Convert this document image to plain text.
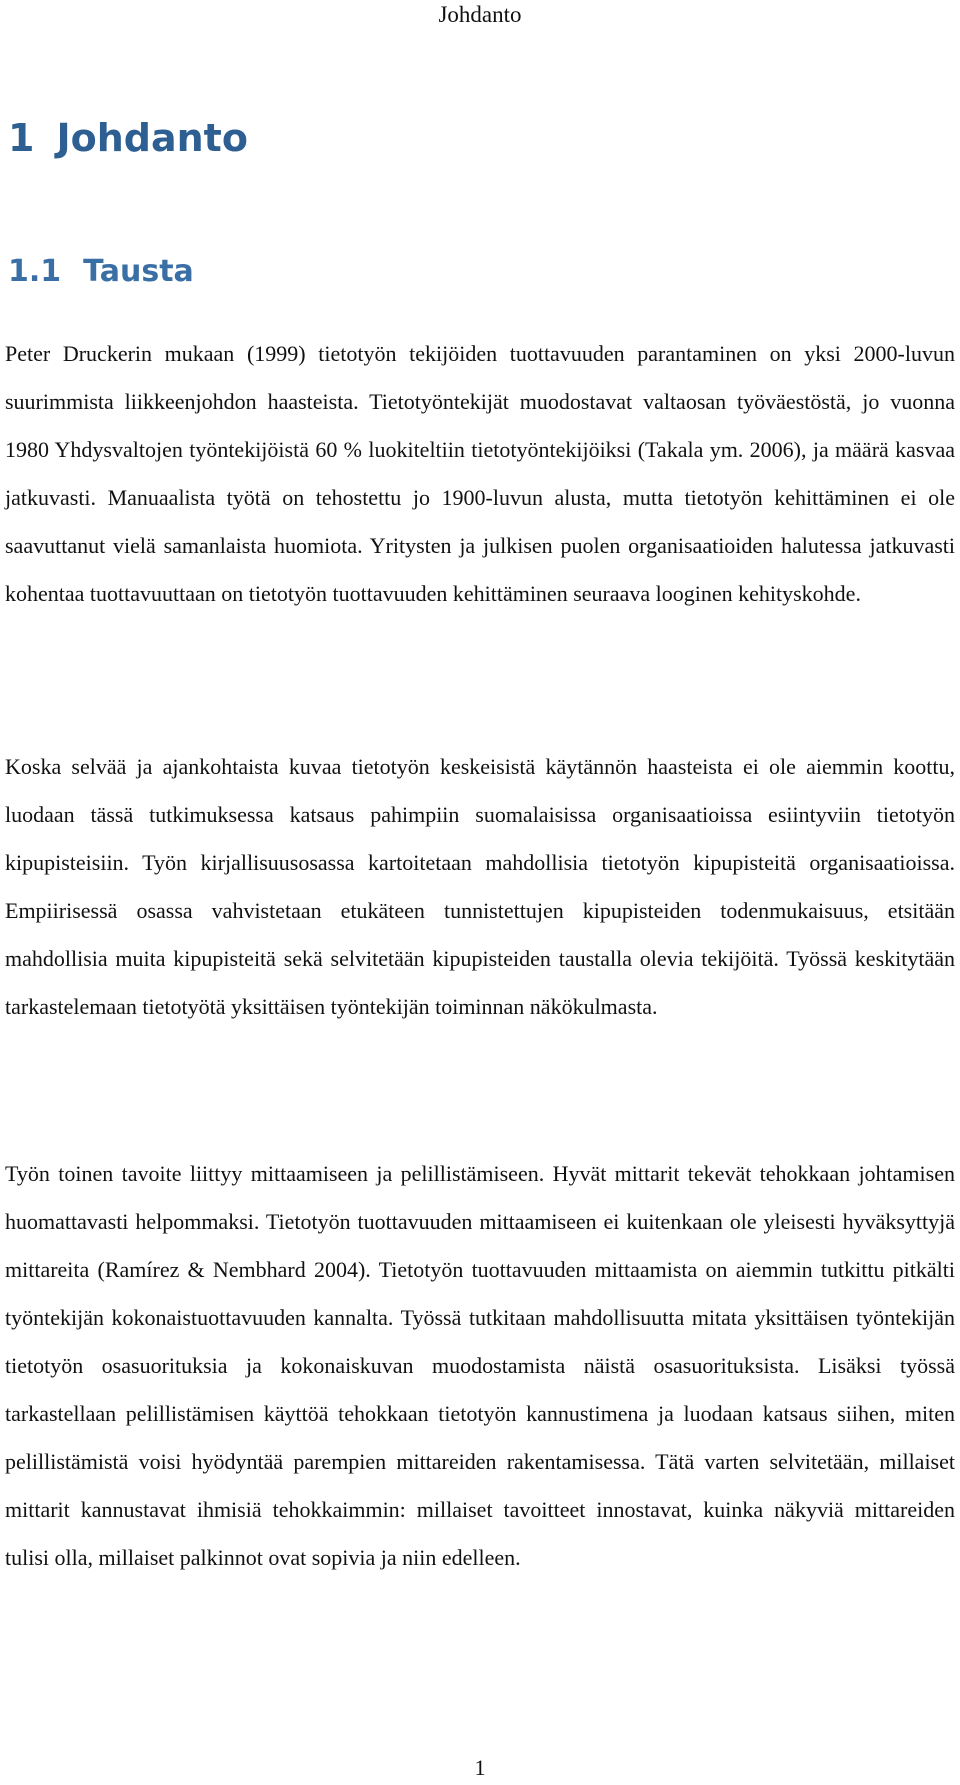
Johdanto
1 Johdanto
1.1 Tausta

Peter Druckerin mukaan (1999) tietotyön tekijöiden tuottavuuden parantaminen on yksi 2000-luvun suurimmista liikkeenjohdon haasteista. Tietotyöntekijät muodostavat valtaosan työväestöstä, jo vuonna 1980 Yhdysvaltojen työntekijöistä 60 % luokiteltiin tietotyöntekijöiksi (Takala ym. 2006), ja määrä kasvaa jatkuvasti. Manuaalista työtä on tehostettu jo 1900-luvun alusta, mutta tietotyön kehittäminen ei ole saavuttanut vielä samanlaista huomiota. Yritysten ja julkisen puolen organisaatioiden halutessa jatkuvasti kohentaa tuottavuuttaan on tietotyön tuottavuuden kehittäminen seuraava looginen kehityskohde.

Koska selvää ja ajankohtaista kuvaa tietotyön keskeisistä käytännön haasteista ei ole aiemmin koottu, luodaan tässä tutkimuksessa katsaus pahimpiin suomalaisissa organisaatioissa esiintyviin tietotyön kipupisteisiin. Työn kirjallisuusosassa kartoitetaan mahdollisia tietotyön kipupisteitä organisaatioissa. Empiirisessä osassa vahvistetaan etukäteen tunnistettujen kipupisteiden todenmukaisuus, etsitään mahdollisia muita kipupisteitä sekä selvitetään kipupisteiden taustalla olevia tekijöitä. Työssä keskitytään tarkastelemaan tietotyötä yksittäisen työntekijän toiminnan näkökulmasta.

Työn toinen tavoite liittyy mittaamiseen ja pelillistämiseen. Hyvät mittarit tekevät tehokkaan johtamisen huomattavasti helpommaksi. Tietotyön tuottavuuden mittaamiseen ei kuitenkaan ole yleisesti hyväksyttyjä mittareita (Ramírez & Nembhard 2004). Tietotyön tuottavuuden mittaamista on aiemmin tutkittu pitkälti työntekijän kokonaistuottavuuden kannalta. Työssä tutkitaan mahdollisuutta mitata yksittäisen työntekijän tietotyön osasuorituksia ja kokonaiskuvan muodostamista näistä osasuorituksista. Lisäksi työssä tarkastellaan pelillistämisen käyttöä tehokkaan tietotyön kannustimena ja luodaan katsaus siihen, miten pelillistämistä voisi hyödyntää parempien mittareiden rakentamisessa. Tätä varten selvitetään, millaiset mittarit kannustavat ihmisiä tehokkaimmin: millaiset tavoitteet innostavat, kuinka näkyviä mittareiden tulisi olla, millaiset palkinnot ovat sopivia ja niin edelleen.

1
